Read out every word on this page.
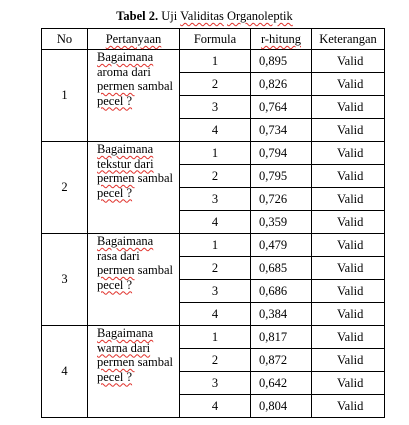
Tabel 2. Uji Validitas Organoleptik
No	Pertanyaan	Formula	r-hitung	Keterangan
1	Bagaimana
aroma dari
permen sambal
pecel ?	1	0,895	Valid
		2	0,826	Valid
		3	0,764	Valid
		4	0,734	Valid
2	Bagaimana
tekstur dari
permen sambal
pecel ?	1	0,794	Valid
		2	0,795	Valid
		3	0,726	Valid
		4	0,359	Valid
3	Bagaimana
rasa dari
permen sambal
pecel ?	1	0,479	Valid
		2	0,685	Valid
		3	0,686	Valid
		4	0,384	Valid
4	Bagaimana
warna dari
permen sambal
pecel ?	1	0,817	Valid
		2	0,872	Valid
		3	0,642	Valid
		4	0,804	Valid
